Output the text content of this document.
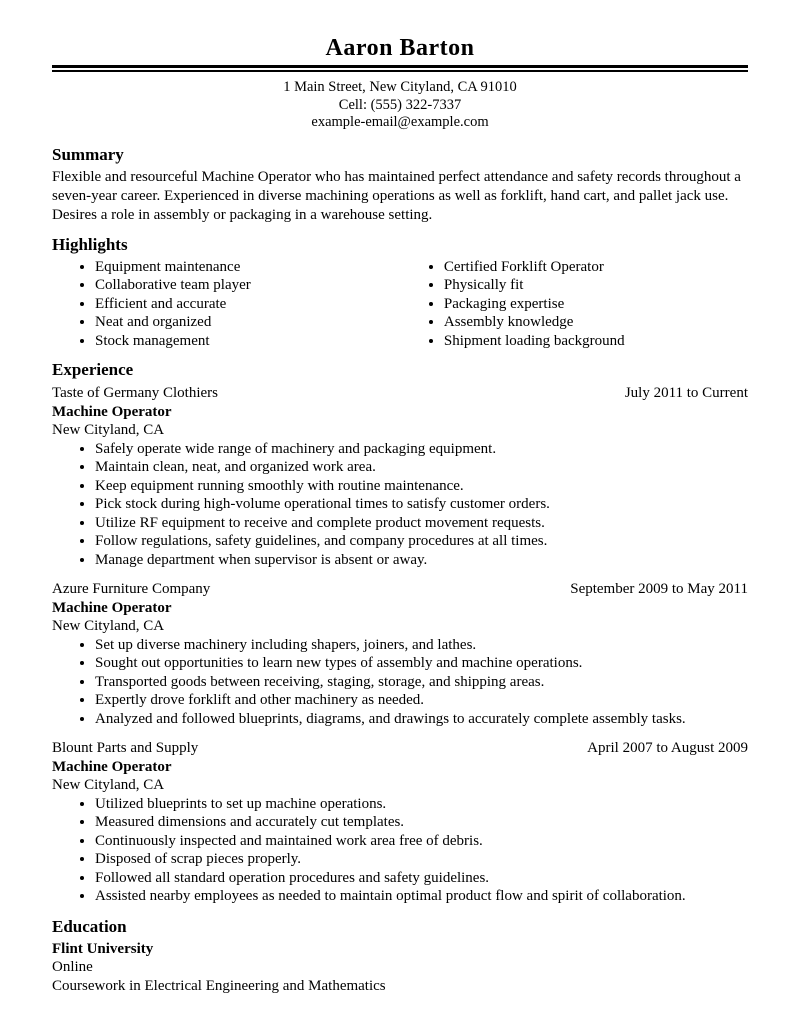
Aaron Barton
1 Main Street, New Cityland, CA 91010
Cell: (555) 322-7337
example-email@example.com
Summary

Flexible and resourceful Machine Operator who has maintained perfect attendance and safety records throughout a seven-year career. Experienced in diverse machining operations as well as forklift, hand cart, and pallet jack use. Desires a role in assembly or packaging in a warehouse setting.

Highlights
• Equipment maintenance
• Collaborative team player
• Efficient and accurate
• Neat and organized
• Stock management
• Certified Forklift Operator
• Physically fit
• Packaging expertise
• Assembly knowledge
• Shipment loading background
Experience
Taste of Germany Clothiers	July 2011 to Current
Machine Operator
New Cityland, CA
• Safely operate wide range of machinery and packaging equipment.
• Maintain clean, neat, and organized work area.
• Keep equipment running smoothly with routine maintenance.
• Pick stock during high-volume operational times to satisfy customer orders.
• Utilize RF equipment to receive and complete product movement requests.
• Follow regulations, safety guidelines, and company procedures at all times.
• Manage department when supervisor is absent or away.
Azure Furniture Company	September 2009 to May 2011
Machine Operator
New Cityland, CA
• Set up diverse machinery including shapers, joiners, and lathes.
• Sought out opportunities to learn new types of assembly and machine operations.
• Transported goods between receiving, staging, storage, and shipping areas.
• Expertly drove forklift and other machinery as needed.
• Analyzed and followed blueprints, diagrams, and drawings to accurately complete assembly tasks.
Blount Parts and Supply	April 2007 to August 2009
Machine Operator
New Cityland, CA
• Utilized blueprints to set up machine operations.
• Measured dimensions and accurately cut templates.
• Continuously inspected and maintained work area free of debris.
• Disposed of scrap pieces properly.
• Followed all standard operation procedures and safety guidelines.
• Assisted nearby employees as needed to maintain optimal product flow and spirit of collaboration.
Education
Flint University
Online
Coursework in Electrical Engineering and Mathematics
